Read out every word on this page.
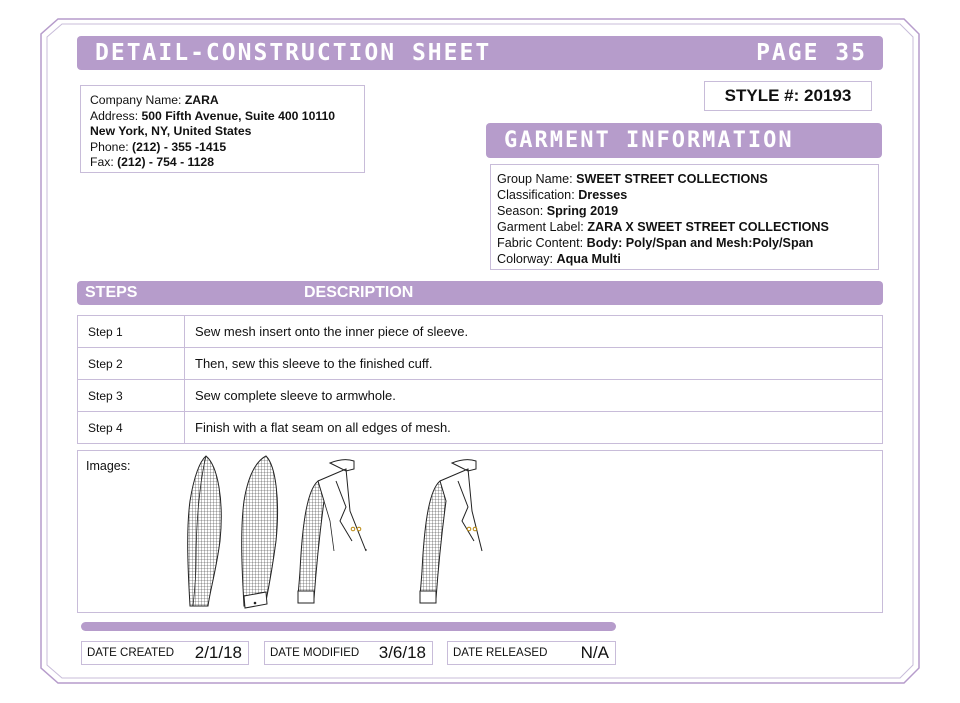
DETAIL-CONSTRUCTION SHEET	PAGE 35
Company Name: ZARA
Address: 500 Fifth Avenue, Suite 400 10110
New York, NY, United States
Phone: (212) - 355 -1415
Fax: (212) - 754 - 1128
STYLE #: 20193
GARMENT INFORMATION
Group Name: SWEET STREET COLLECTIONS
Classification: Dresses
Season: Spring 2019
Garment Label: ZARA X SWEET STREET COLLECTIONS
Fabric Content: Body: Poly/Span and Mesh:Poly/Span
Colorway: Aqua Multi
STEPS	DESCRIPTION
Step 1	Sew mesh insert onto the inner piece of sleeve.
Step 2	Then, sew this sleeve to the finished cuff.
Step 3	Sew complete sleeve to armwhole.
Step 4	Finish with a flat seam on all edges of mesh.
Images:
DATE CREATED 2/1/18 DATE MODIFIED 3/6/18 DATE RELEASED N/A
